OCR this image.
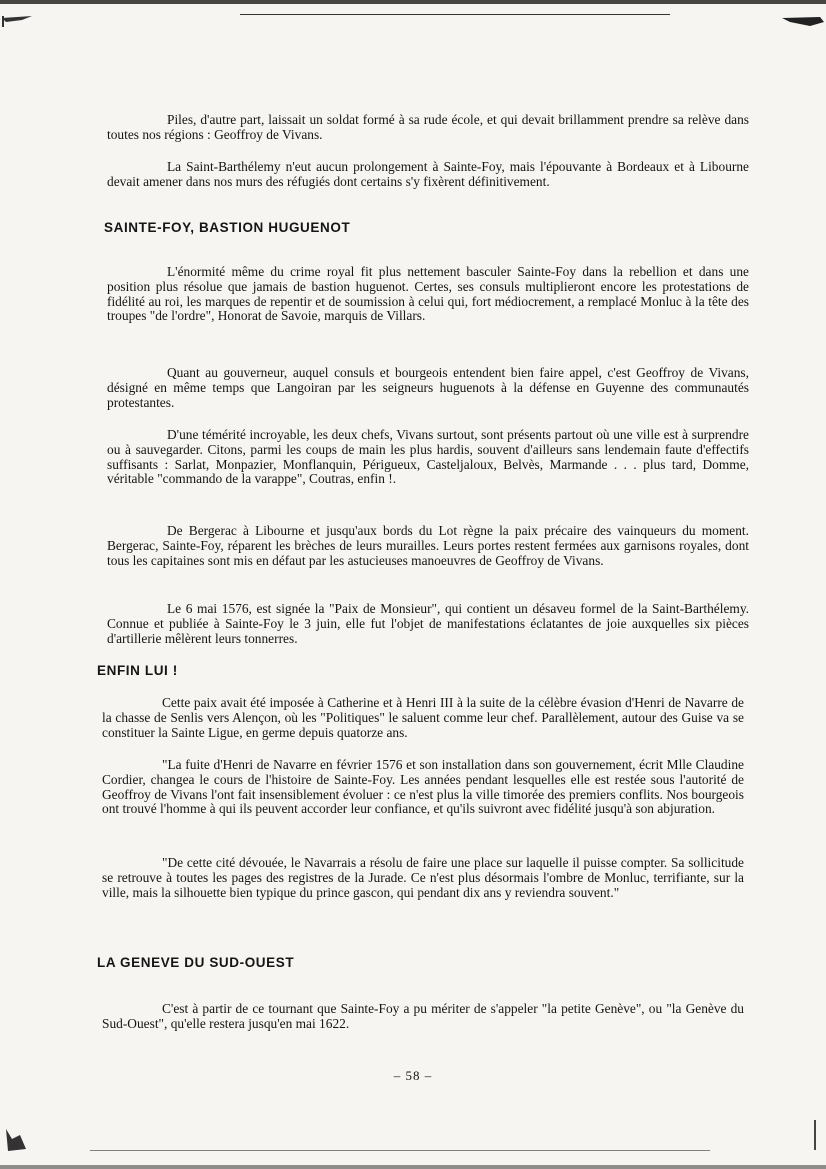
Piles, d'autre part, laissait un soldat formé à sa rude école, et qui devait brillamment prendre sa relève dans toutes nos régions : Geoffroy de Vivans.

La Saint-Barthélemy n'eut aucun prolongement à Sainte-Foy, mais l'épouvante à Bordeaux et à Libourne devait amener dans nos murs des réfugiés dont certains s'y fixèrent définitivement.

SAINTE-FOY, BASTION HUGUENOT

L'énormité même du crime royal fit plus nettement basculer Sainte-Foy dans la rebellion et dans une position plus résolue que jamais de bastion huguenot. Certes, ses consuls multiplieront encore les protestations de fidélité au roi, les marques de repentir et de soumission à celui qui, fort médiocrement, a remplacé Monluc à la tête des troupes "de l'ordre", Honorat de Savoie, marquis de Villars.

Quant au gouverneur, auquel consuls et bourgeois entendent bien faire appel, c'est Geoffroy de Vivans, désigné en même temps que Langoiran par les seigneurs huguenots à la défense en Guyenne des communautés protestantes.

D'une témérité incroyable, les deux chefs, Vivans surtout, sont présents partout où une ville est à surprendre ou à sauvegarder. Citons, parmi les coups de main les plus hardis, souvent d'ailleurs sans lendemain faute d'effectifs suffisants : Sarlat, Monpazier, Monflanquin, Périgueux, Casteljaloux, Belvès, Marmande . . . plus tard, Domme, véritable "commando de la varappe", Coutras, enfin !.

De Bergerac à Libourne et jusqu'aux bords du Lot règne la paix précaire des vainqueurs du moment. Bergerac, Sainte-Foy, réparent les brèches de leurs murailles. Leurs portes restent fermées aux garnisons royales, dont tous les capitaines sont mis en défaut par les astucieuses manoeuvres de Geoffroy de Vivans.

Le 6 mai 1576, est signée la "Paix de Monsieur", qui contient un désaveu formel de la Saint-Barthélemy. Connue et publiée à Sainte-Foy le 3 juin, elle fut l'objet de manifestations éclatantes de joie auxquelles six pièces d'artillerie mêlèrent leurs tonnerres.

ENFIN LUI !

Cette paix avait été imposée à Catherine et à Henri III à la suite de la célèbre évasion d'Henri de Navarre de la chasse de Senlis vers Alençon, où les "Politiques" le saluent comme leur chef. Parallèlement, autour des Guise va se constituer la Sainte Ligue, en germe depuis quatorze ans.

"La fuite d'Henri de Navarre en février 1576 et son installation dans son gouvernement, écrit Mlle Claudine Cordier, changea le cours de l'histoire de Sainte-Foy. Les années pendant lesquelles elle est restée sous l'autorité de Geoffroy de Vivans l'ont fait insensiblement évoluer : ce n'est plus la ville timorée des premiers conflits. Nos bourgeois ont trouvé l'homme à qui ils peuvent accorder leur confiance, et qu'ils suivront avec fidélité jusqu'à son abjuration.

"De cette cité dévouée, le Navarrais a résolu de faire une place sur laquelle il puisse compter. Sa sollicitude se retrouve à toutes les pages des registres de la Jurade. Ce n'est plus désormais l'ombre de Monluc, terrifiante, sur la ville, mais la silhouette bien typique du prince gascon, qui pendant dix ans y reviendra souvent."

LA GENEVE DU SUD-OUEST

C'est à partir de ce tournant que Sainte-Foy a pu mériter de s'appeler "la petite Genève", ou "la Genève du Sud-Ouest", qu'elle restera jusqu'en mai 1622.

– 58 –
